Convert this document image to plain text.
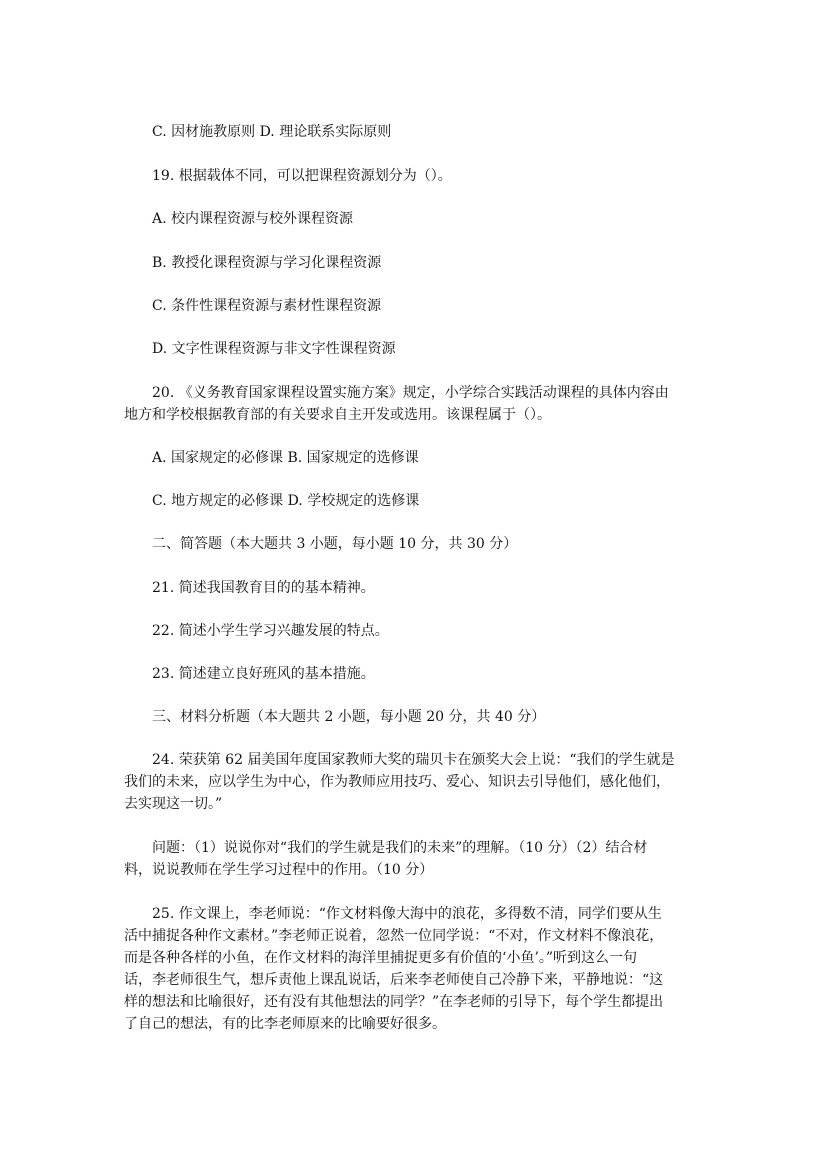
C. 因材施教原则 D. 理论联系实际原则

19. 根据载体不同，可以把课程资源划分为（）。

A. 校内课程资源与校外课程资源

B. 教授化课程资源与学习化课程资源

C. 条件性课程资源与素材性课程资源

D. 文字性课程资源与非文字性课程资源

20. 《义务教育国家课程设置实施方案》规定，小学综合实践活动课程的具体内容由
地方和学校根据教育部的有关要求自主开发或选用。该课程属于（）。

A. 国家规定的必修课 B. 国家规定的选修课

C. 地方规定的必修课 D. 学校规定的选修课

二、简答题（本大题共 3 小题，每小题 10 分，共 30 分）

21. 简述我国教育目的的基本精神。

22. 简述小学生学习兴趣发展的特点。

23. 简述建立良好班风的基本措施。

三、材料分析题（本大题共 2 小题，每小题 20 分，共 40 分）

24. 荣获第 62 届美国年度国家教师大奖的瑞贝卡在颁奖大会上说：“我们的学生就是
我们的未来，应以学生为中心，作为教师应用技巧、爱心、知识去引导他们，感化他们，
去实现这一切。”

问题：（1）说说你对“我们的学生就是我们的未来”的理解。（10 分）（2）结合材
料，说说教师在学生学习过程中的作用。（10 分）

25. 作文课上，李老师说：“作文材料像大海中的浪花，多得数不清，同学们要从生
活中捕捉各种作文素材。”李老师正说着，忽然一位同学说：“不对，作文材料不像浪花，
而是各种各样的小鱼，在作文材料的海洋里捕捉更多有价值的‘小鱼’。”听到这么一句
话，李老师很生气，想斥责他上课乱说话，后来李老师使自己冷静下来，平静地说：“这
样的想法和比喻很好，还有没有其他想法的同学？”在李老师的引导下，每个学生都提出
了自己的想法，有的比李老师原来的比喻要好很多。
